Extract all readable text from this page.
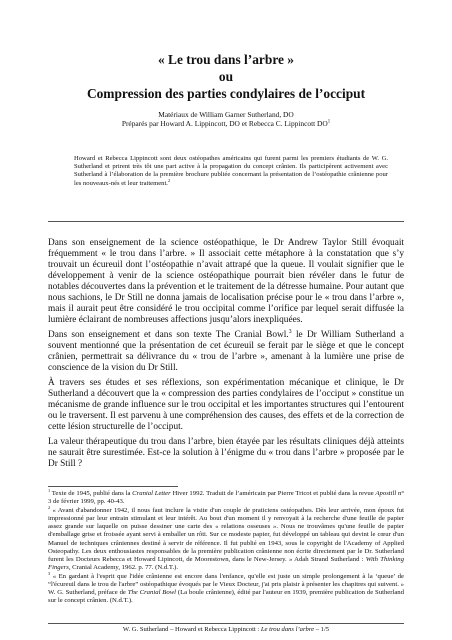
« Le trou dans l’arbre »
ou
Compression des parties condylaires de l’occiput
Matériaux de William Garner Sutherland, DO
Préparés par Howard A. Lippincott, DO et Rebecca C. Lippincott $DO^1$

Howard et Rebecca Lippincott sont deux ostéopathes américains qui furent parmi les premiers étudiants de W. G. Sutherland et prirent très tôt une part active à la propagation du concept crânien. Ils participèrent activement avec Sutherland à l’élaboration de la première brochure publiée concernant la présentation de l’ostéopathie crânienne pour les nouveaux-nés et leur traitement.$^2$

Dans son enseignement de la science ostéopathique, le Dr Andrew Taylor Still évoquait fréquemment « le trou dans l’arbre. » Il associait cette métaphore à la constatation que s’y trouvait un écureuil dont l’ostéopathie n’avait attrapé que la queue. Il voulait signifier que le développement à venir de la science ostéopathique pourrait bien révéler dans le futur de notables découvertes dans la prévention et le traitement de la détresse humaine. Pour autant que nous sachions, le Dr Still ne donna jamais de localisation précise pour le « trou dans l’arbre », mais il aurait peut être considéré le trou occipital comme l’orifice par lequel serait diffusée la lumière éclairant de nombreuses affections jusqu’alors inexpliquées.

Dans son enseignement et dans son texte The Cranial Bowl.$^3$ le Dr William Sutherland a souvent mentionné que la présentation de cet écureuil se ferait par le siège et que le concept crânien, permettrait sa délivrance du « trou de l’arbre », amenant à la lumière une prise de conscience de la vision du Dr Still.

À travers ses études et ses réflexions, son expérimentation mécanique et clinique, le Dr Sutherland a découvert que la « compression des parties condylaires de l’occiput » constitue un mécanisme de grande influence sur le trou occipital et les importantes structures qui l’entourent ou le traversent. Il est parvenu à une compréhension des causes, des effets et de la correction de cette lésion structurelle de l’occiput.

La valeur thérapeutique du trou dans l’arbre, bien étayée par les résultats cliniques déjà atteints ne saurait être surestimée. Est-ce la solution à l’énigme du « trou dans l’arbre » proposée par le Dr Still ?

$^1$ Texte de 1945, publié dans la Cranial Letter Hiver 1992. Traduit de l’américain par Pierre Tricot et publié dans la revue Apostill n° 3 de février 1999, pp. 40-43.

$^2$ « Avant d'abandonner 1942, il nous faut inclure la visite d'un couple de praticiens ostéopathes. Dès leur arrivée, mon époux fut impressionné par leur entrain stimulant et leur intérêt. Au bout d'un moment il y renvoyait à la recherche d'une feuille de papier assez grande sur laquelle on puisse dessiner une carte des « relations osseuses ». Nous ne trouvâmes qu'une feuille de papier d'emballage grise et froissée ayant servi à emballer un rôti. Sur ce modeste papier, fut développé un tableau qui devint le cœur d'un Manuel de techniques crâniennes destiné à servir de référence. Il fut publié en 1943, sous le copyright de l'Academy of Applied Osteopathy. Les deux enthousiastes responsables de la première publication crânienne non écrite directement par le Dr. Sutherland furent les Docteurs Rebecca et Howard Lipincott, de Moorestown, dans le New-Jersey. » Adah Strand Sutherland : With Thinking Fingers, Cranial Academy, 1962. p. 77. (N.d.T.).

$^3$ « En gardant à l'esprit que l'idée crânienne est encore dans l'enfance, qu'elle est juste un simple prolongement à la ‘queue’ de “l'écureuil dans le trou de l'arbre” ostéopathique évoqués par le Vieux Docteur, j'ai pris plaisir à présenter les chapitres qui suivent. » W. G. Sutherland, préface de The Cranial Bowl (La boule crânienne), édité par l'auteur en 1939, première publication de Sutherland sur le concept crânien. (N.d.T.).

W. G. Sutherland – Howard et Rebecca Lippincott : Le trou dans l’arbre – 1/5
